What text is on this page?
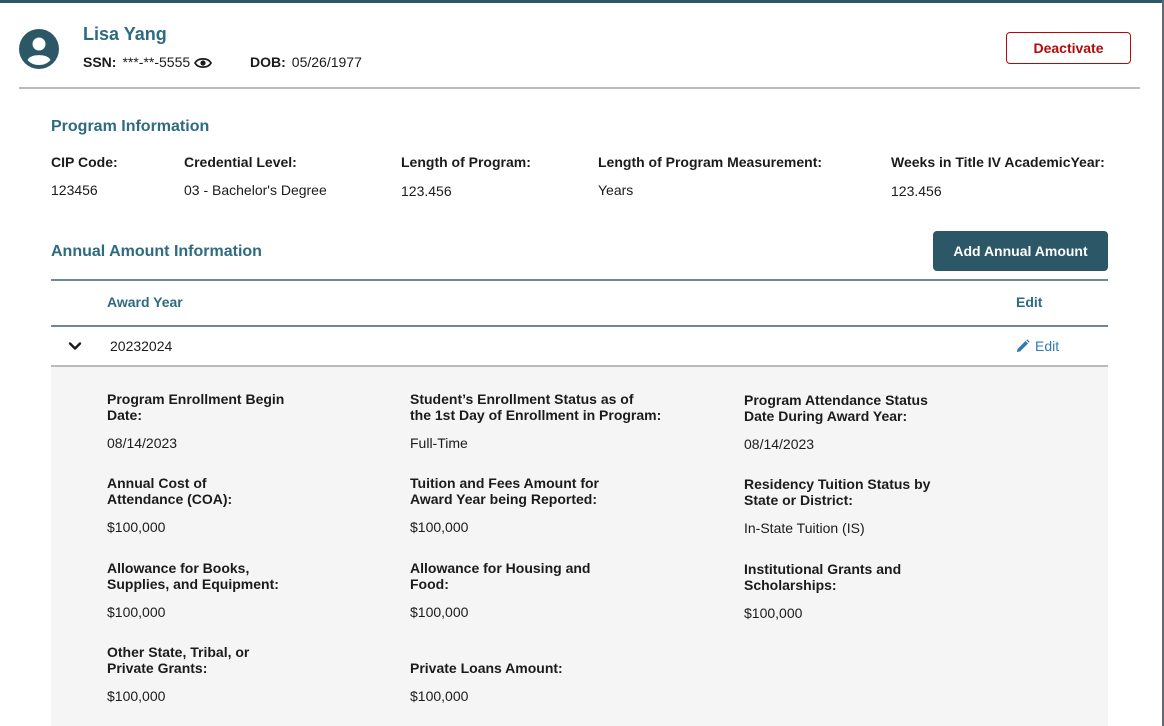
Lisa Yang
SSN: ***-**-5555	DOB: 05/26/1977
Deactivate
Program Information
CIP Code:
123456
Credential Level:
03 - Bachelor's Degree
Length of Program:
123.456
Length of Program Measurement:
Years
Weeks in Title IV AcademicYear:
123.456
Annual Amount Information	Add Annual Amount
Award Year	Edit
20232024	Edit
Program Enrollment Begin
Date:
08/14/2023
Student’s Enrollment Status as of
the 1st Day of Enrollment in Program:
Full-Time
Program Attendance Status
Date During Award Year:
08/14/2023
Annual Cost of
Attendance (COA):
$100,000
Tuition and Fees Amount for
Award Year being Reported:
$100,000
Residency Tuition Status by
State or District:
In-State Tuition (IS)
Allowance for Books,
Supplies, and Equipment:
$100,000
Allowance for Housing and
Food:
$100,000
Institutional Grants and
Scholarships:
$100,000
Other State, Tribal, or
Private Grants:
$100,000
Private Loans Amount:
$100,000
